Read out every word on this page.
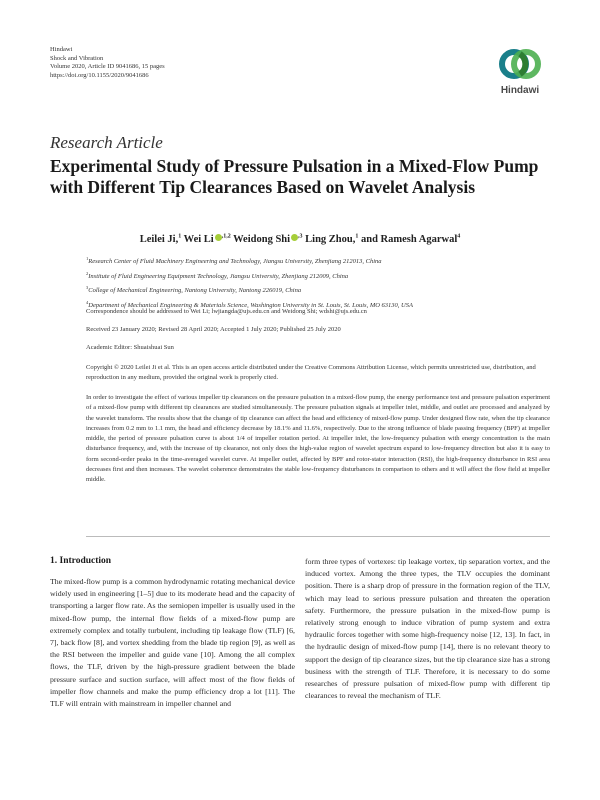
Hindawi
Shock and Vibration
Volume 2020, Article ID 9041686, 15 pages
https://doi.org/10.1155/2020/9041686
Hindawi
Research Article
Experimental Study of Pressure Pulsation in a Mixed-Flow Pump with Different Tip Clearances Based on Wavelet Analysis
Leilei Ji,$^1$ Wei Li $^{,1,2}$ Weidong Shi $^{,3}$ Ling Zhou,$^1$ and Ramesh Agarwal$^4$
$^1$Research Center of Fluid Machinery Engineering and Technology, Jiangsu University, Zhenjiang 212013, China
$^2$Institute of Fluid Engineering Equipment Technology, Jiangsu University, Zhenjiang 212009, China
$^3$College of Mechanical Engineering, Nantong University, Nantong 226019, China
$^4$Department of Mechanical Engineering & Materials Science, Washington University in St. Louis, St. Louis, MO 63130, USA
Correspondence should be addressed to Wei Li; lwjiangda@ujs.edu.cn and Weidong Shi; wdshi@ujs.edu.cn
Received 23 January 2020; Revised 28 April 2020; Accepted 1 July 2020; Published 25 July 2020
Academic Editor: Shuaishuai Sun
Copyright © 2020 Leilei Ji et al. This is an open access article distributed under the Creative Commons Attribution License, which permits unrestricted use, distribution, and reproduction in any medium, provided the original work is properly cited.
In order to investigate the effect of various impeller tip clearances on the pressure pulsation in a mixed-flow pump, the energy performance test and pressure pulsation experiment of a mixed-flow pump with different tip clearances are studied simultaneously. The pressure pulsation signals at impeller inlet, middle, and outlet are processed and analyzed by the wavelet transform. The results show that the change of tip clearance can affect the head and efficiency of mixed-flow pump. Under designed flow rate, when the tip clearance increases from 0.2 mm to 1.1 mm, the head and efficiency decrease by 18.1% and 11.6%, respectively. Due to the strong influence of blade passing frequency (BPF) at impeller middle, the period of pressure pulsation curve is about 1/4 of impeller rotation period. At impeller inlet, the low-frequency pulsation with energy concentration is the main disturbance frequency, and, with the increase of tip clearance, not only does the high-value region of wavelet spectrum expand to low-frequency direction but also it is easy to form second-order peaks in the time-averaged wavelet curve. At impeller outlet, affected by BPF and rotor-stator interaction (RSI), the high-frequency disturbance in RSI area decreases first and then increases. The wavelet coherence demonstrates the stable low-frequency disturbances in comparison to others and it will affect the flow field at impeller middle.
1. Introduction
The mixed-flow pump is a common hydrodynamic rotating mechanical device widely used in engineering [1–5] due to its moderate head and the capacity of transporting a larger flow rate. As the semiopen impeller is usually used in the mixed-flow pump, the internal flow fields of a mixed-flow pump are extremely complex and totally turbulent, including tip leakage flow (TLF) [6, 7], back flow [8], and vortex shedding from the blade tip region [9], as well as the RSI between the impeller and guide vane [10]. Among the all complex flows, the TLF, driven by the high-pressure gradient between the blade pressure surface and suction surface, will affect most of the flow fields of impeller flow channels and make the pump efficiency drop a lot [11]. The TLF will entrain with mainstream in impeller channel and
form three types of vortexes: tip leakage vortex, tip separation vortex, and the induced vortex. Among the three types, the TLV occupies the dominant position. There is a sharp drop of pressure in the formation region of the TLV, which may lead to serious pressure pulsation and threaten the operation safety. Furthermore, the pressure pulsation in the mixed-flow pump is relatively strong enough to induce vibration of pump system and extra hydraulic forces together with some high-frequency noise [12, 13]. In fact, in the hydraulic design of mixed-flow pump [14], there is no relevant theory to support the design of tip clearance sizes, but the tip clearance size has a strong business with the strength of TLF. Therefore, it is necessary to do some researches of pressure pulsation of mixed-flow pump with different tip clearances to reveal the mechanism of TLF.
